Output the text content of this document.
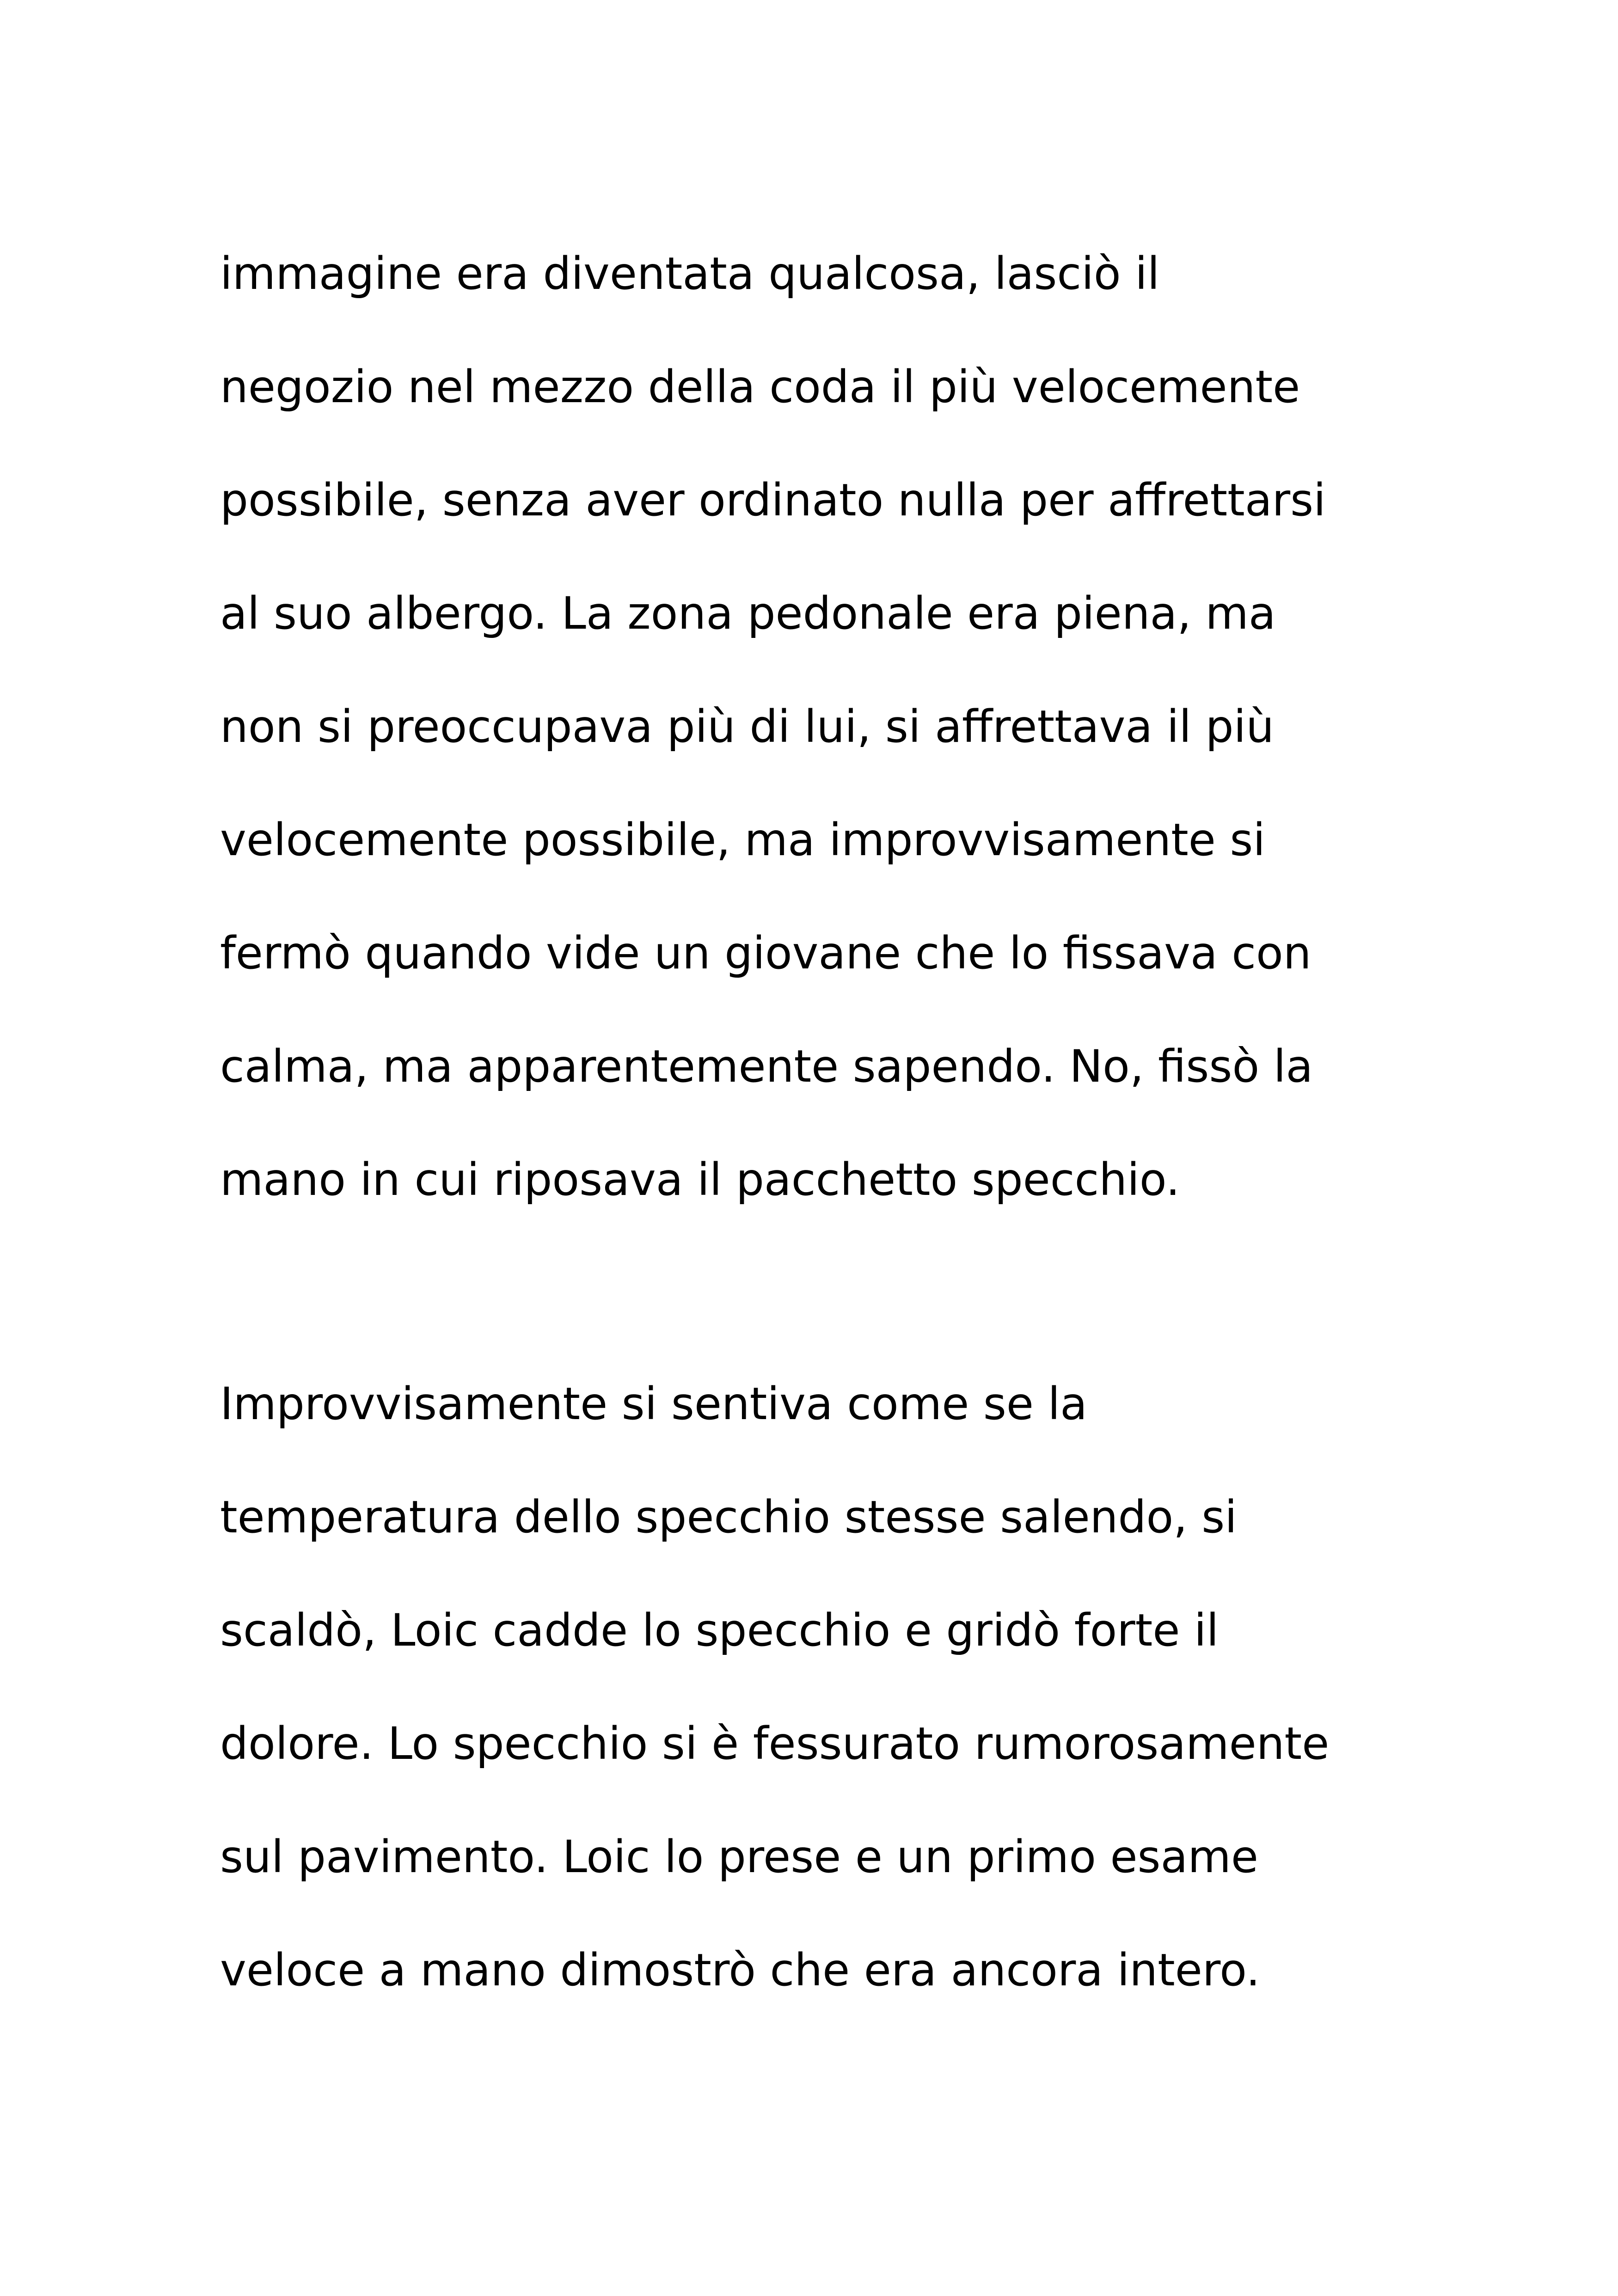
immagine era diventata qualcosa, lasciò il
negozio nel mezzo della coda il più velocemente
possibile, senza aver ordinato nulla per affrettarsi
al suo albergo. La zona pedonale era piena, ma
non si preoccupava più di lui, si affrettava il più
velocemente possibile, ma improvvisamente si
fermò quando vide un giovane che lo fissava con
calma, ma apparentemente sapendo. No, fissò la
mano in cui riposava il pacchetto specchio.

Improvvisamente si sentiva come se la
temperatura dello specchio stesse salendo, si
scaldò, Loic cadde lo specchio e gridò forte il
dolore. Lo specchio si è fessurato rumorosamente
sul pavimento. Loic lo prese e un primo esame
veloce a mano dimostrò che era ancora intero.
